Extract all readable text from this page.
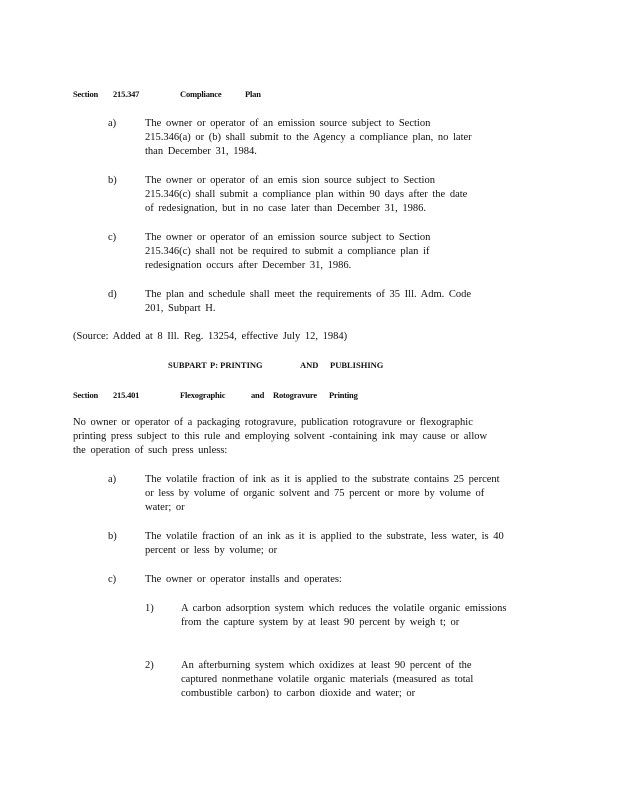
Section 215.347	Compliance	Plan
a)	The owner or operator of an emission source subject to Section 215.346(a) or (b) shall submit to the Agency a compliance plan, no later than December 31, 1984.
b)	The owner or operator of an emis sion source subject to Section 215.346(c) shall submit a compliance plan within 90 days after the date of redesignation, but in no case later than December 31, 1986.
c)	The owner or operator of an emission source subject to Section 215.346(c) shall not be required to submit a compliance plan if redesignation occurs after December 31, 1986.
d)	The plan and schedule shall meet the requirements of 35 Ill. Adm. Code 201, Subpart H.
(Source: Added at 8 Ill. Reg. 13254, effective July 12, 1984)
SUBPART P: PRINTING	AND PUBLISHING
Section 215.401	Flexographic	and Rotogravure Printing
No owner or operator of a packaging rotogravure, publication rotogravure or flexographic printing press subject to this rule and employing solvent -containing ink may cause or allow the operation of such press unless:
a)	The volatile fraction of ink as it is applied to the substrate contains 25 percent or less by volume of organic solvent and 75 percent or more by volume of water; or
b)	The volatile fraction of an ink as it is applied to the substrate, less water, is 40 percent or less by volume; or
c)	The owner or operator installs and operates:
1)	A carbon adsorption system which reduces the volatile organic emissions from the capture system by at least 90 percent by weigh t; or
2)	An afterburning system which oxidizes at least 90 percent of the captured nonmethane volatile organic materials (measured as total combustible carbon) to carbon dioxide and water; or
